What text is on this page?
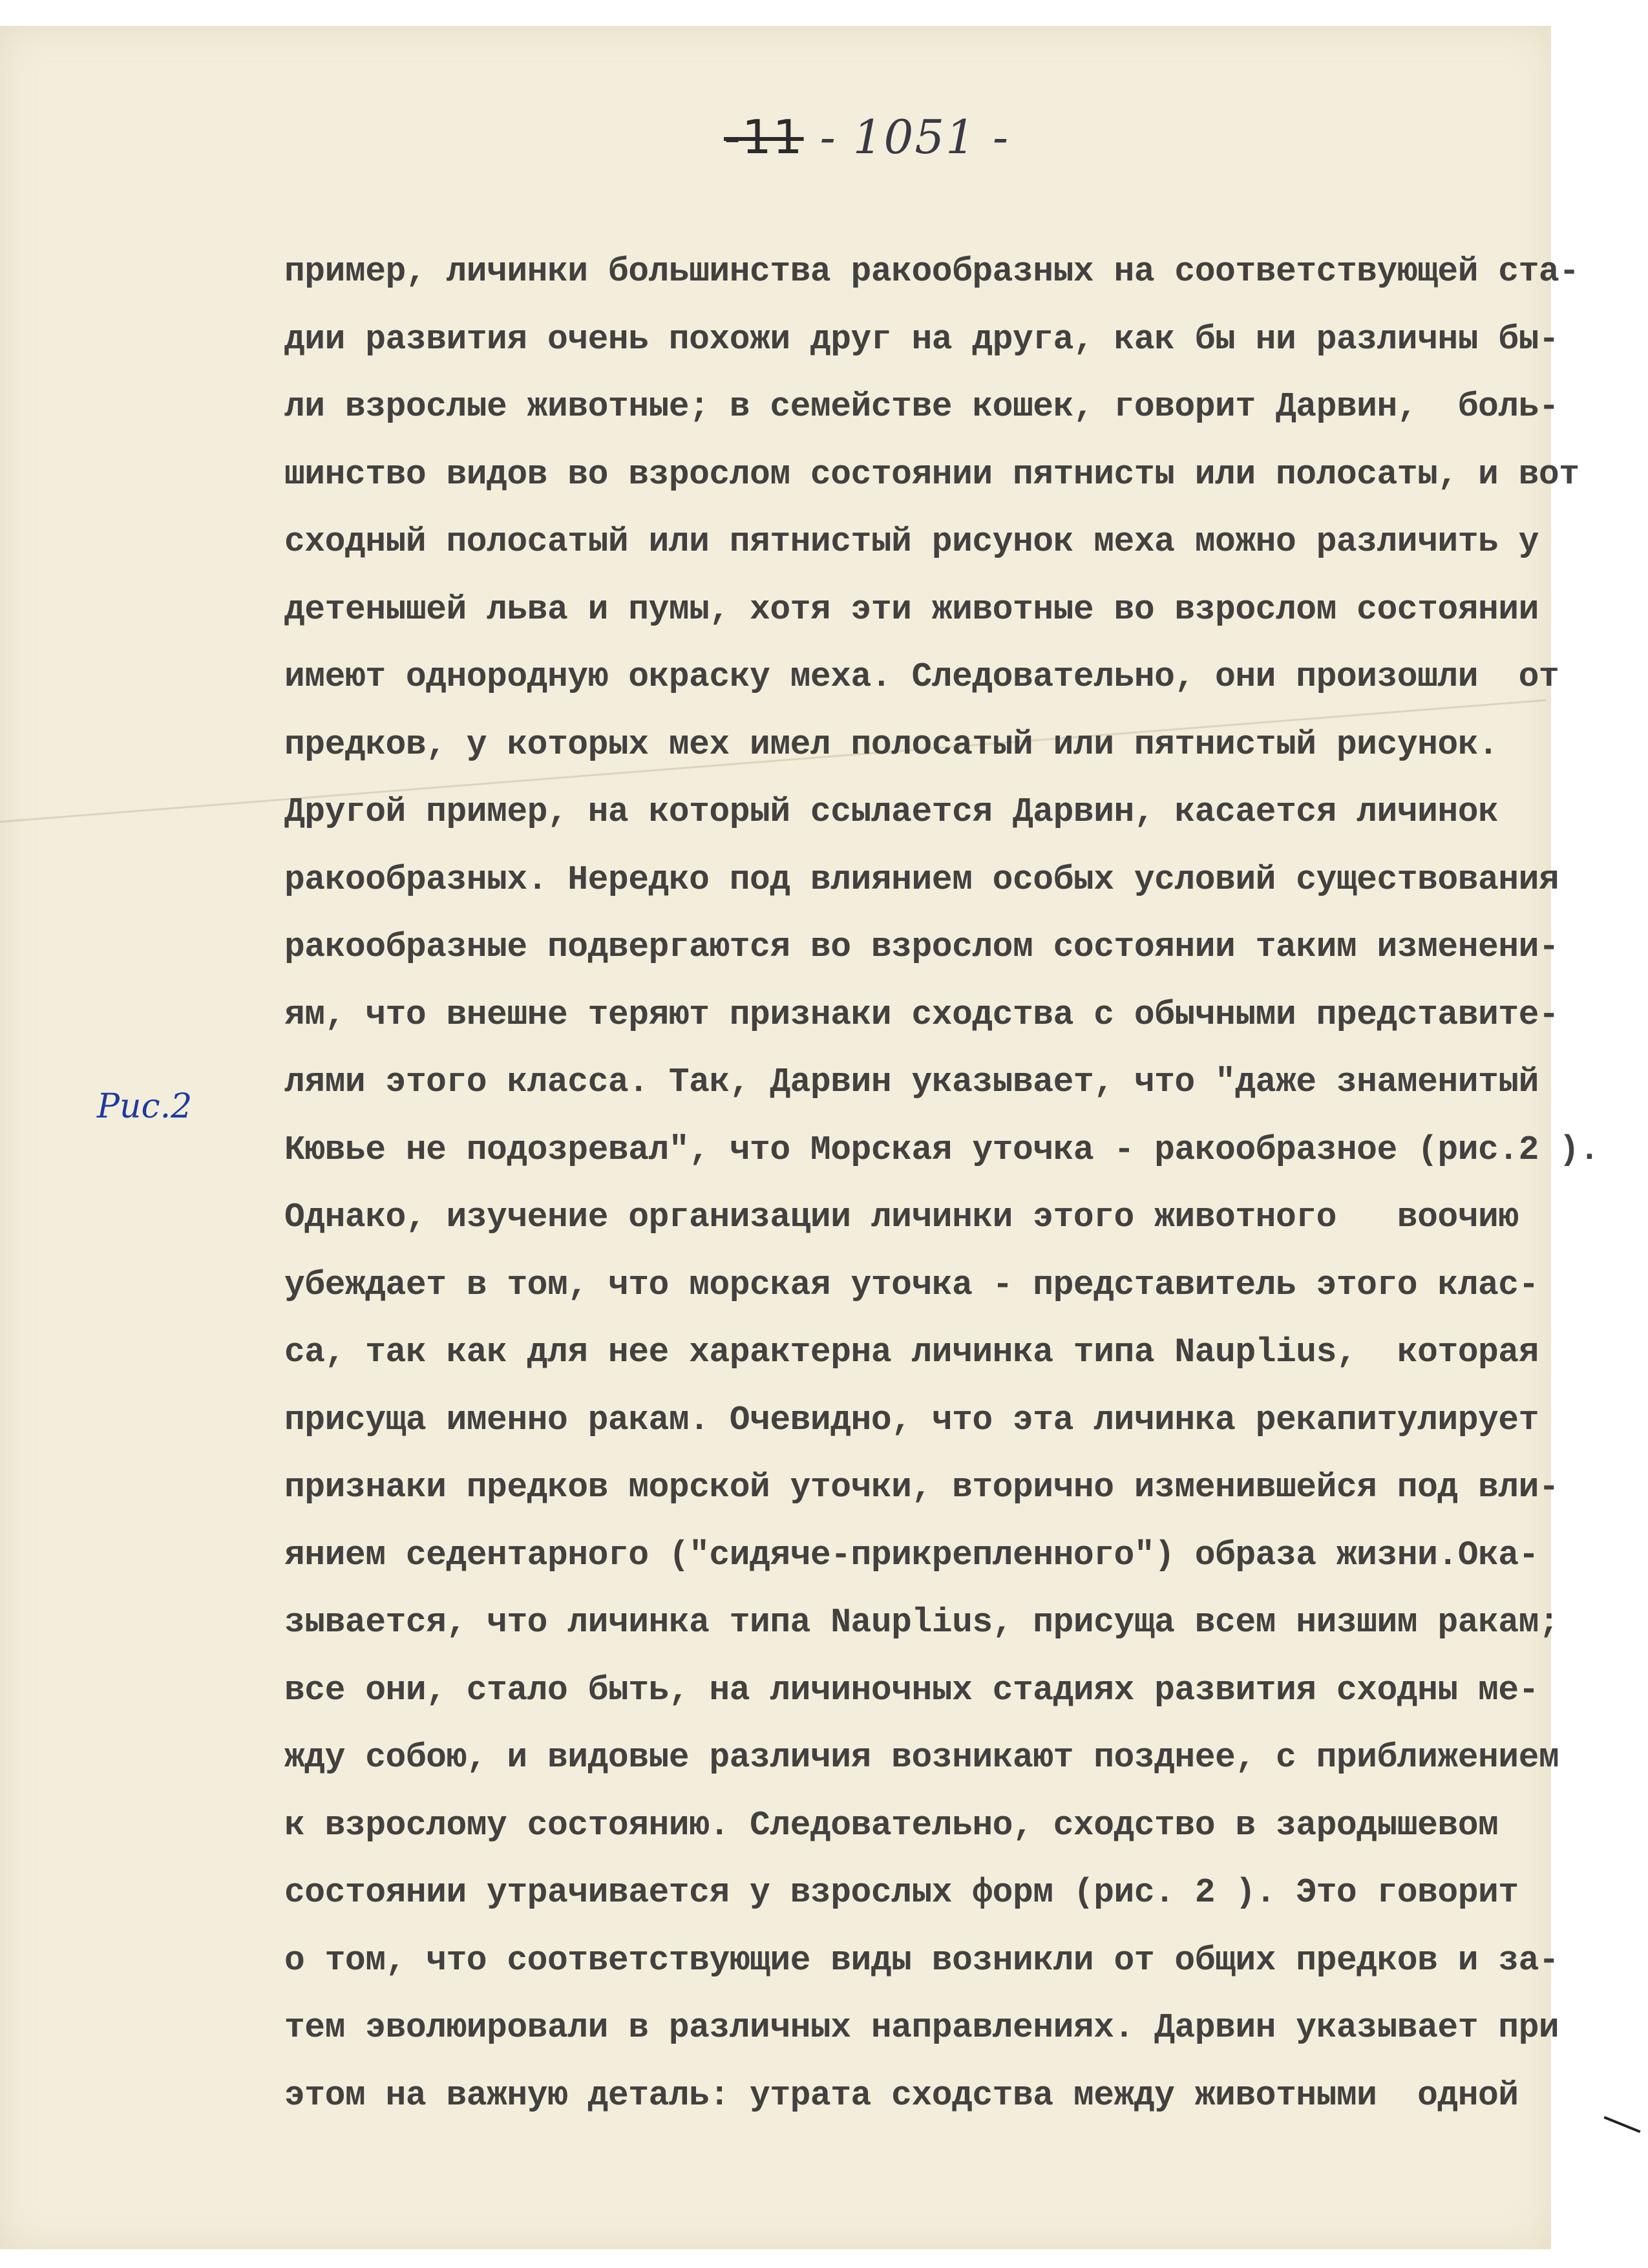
-11 - 1051 -
Рис.2
пример, личинки большинства ракообразных на соответствующей ста-
дии развития очень похожи друг на друга, как бы ни различны бы-
ли взрослые животные; в семействе кошек, говорит Дарвин,  боль-
шинство видов во взрослом состоянии пятнисты или полосаты, и вот
сходный полосатый или пятнистый рисунок меха можно различить у
детенышей льва и пумы, хотя эти животные во взрослом состоянии
имеют однородную окраску меха. Следовательно, они произошли  от
предков, у которых мех имел полосатый или пятнистый рисунок.
Другой пример, на который ссылается Дарвин, касается личинок
ракообразных. Нередко под влиянием особых условий существования
ракообразные подвергаются во взрослом состоянии таким изменени-
ям, что внешне теряют признаки сходства с обычными представите-
лями этого класса. Так, Дарвин указывает, что "даже знаменитый
Кювье не подозревал", что Морская уточка - ракообразное (рис.2 ).
Однако, изучение организации личинки этого животного   воочию
убеждает в том, что морская уточка - представитель этого клас-
са, так как для нее характерна личинка типа Nauplius,  которая
присуща именно ракам. Очевидно, что эта личинка рекапитулирует
признаки предков морской уточки, вторично изменившейся под вли-
янием седентарного ("сидяче-прикрепленного") образа жизни.Ока-
зывается, что личинка типа Nauplius, присуща всем низшим ракам;
все они, стало быть, на личиночных стадиях развития сходны ме-
жду собою, и видовые различия возникают позднее, с приближением
к взрослому состоянию. Следовательно, сходство в зародышевом
состоянии утрачивается у взрослых форм (рис. 2 ). Это говорит
о том, что соответствующие виды возникли от общих предков и за-
тем эволюировали в различных направлениях. Дарвин указывает при
этом на важную деталь: утрата сходства между животными  одной
